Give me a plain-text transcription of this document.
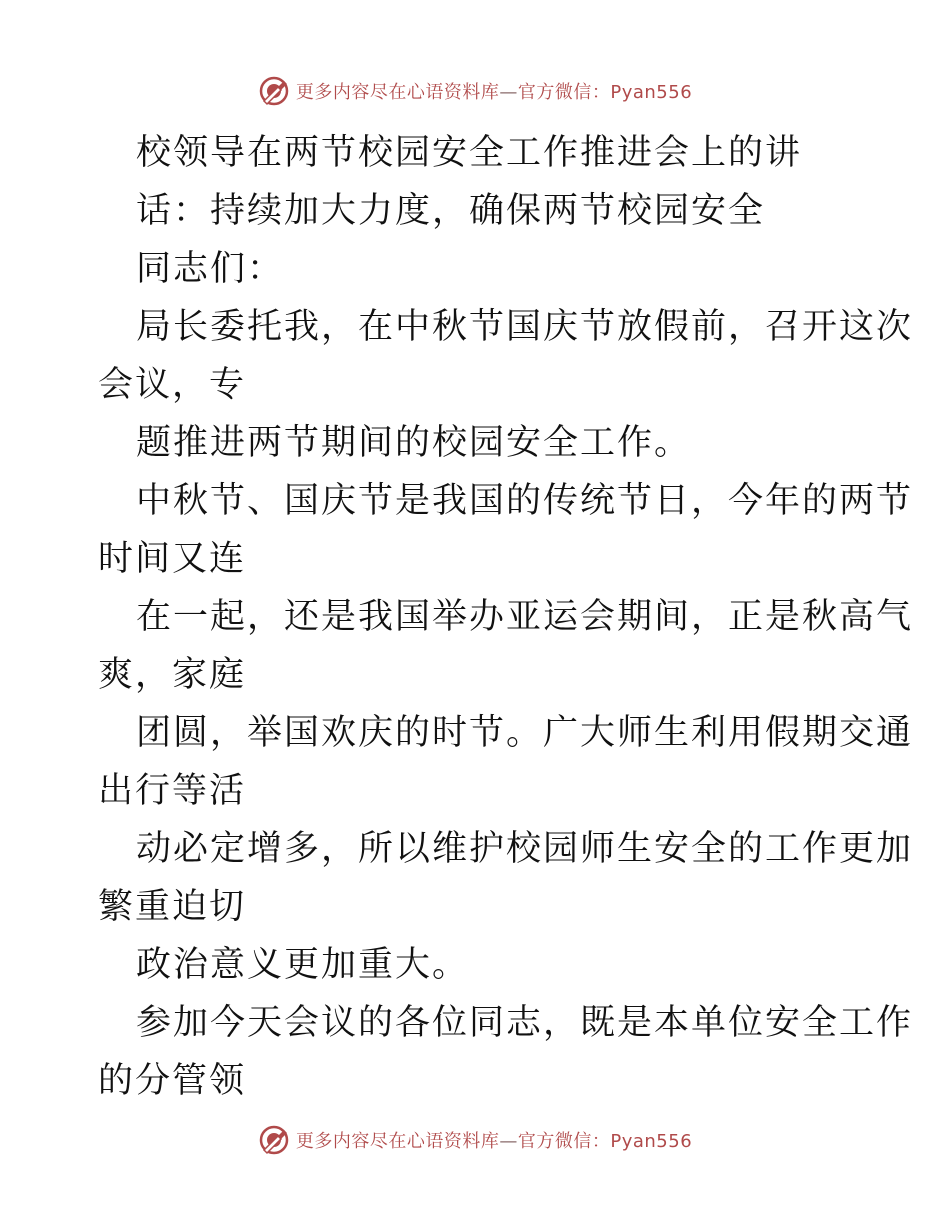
更多内容尽在心语资料库—官方微信：Pyan556
校领导在两节校园安全工作推进会上的讲
话：持续加大力度，确保两节校园安全
同志们：
局长委托我，在中秋节国庆节放假前，召开这次
会议，专
题推进两节期间的校园安全工作。
中秋节、国庆节是我国的传统节日，今年的两节
时间又连
在一起，还是我国举办亚运会期间，正是秋高气
爽，家庭
团圆，举国欢庆的时节。广大师生利用假期交通
出行等活
动必定增多，所以维护校园师生安全的工作更加
繁重迫切
政治意义更加重大。
参加今天会议的各位同志，既是本单位安全工作
的分管领
更多内容尽在心语资料库—官方微信：Pyan556
